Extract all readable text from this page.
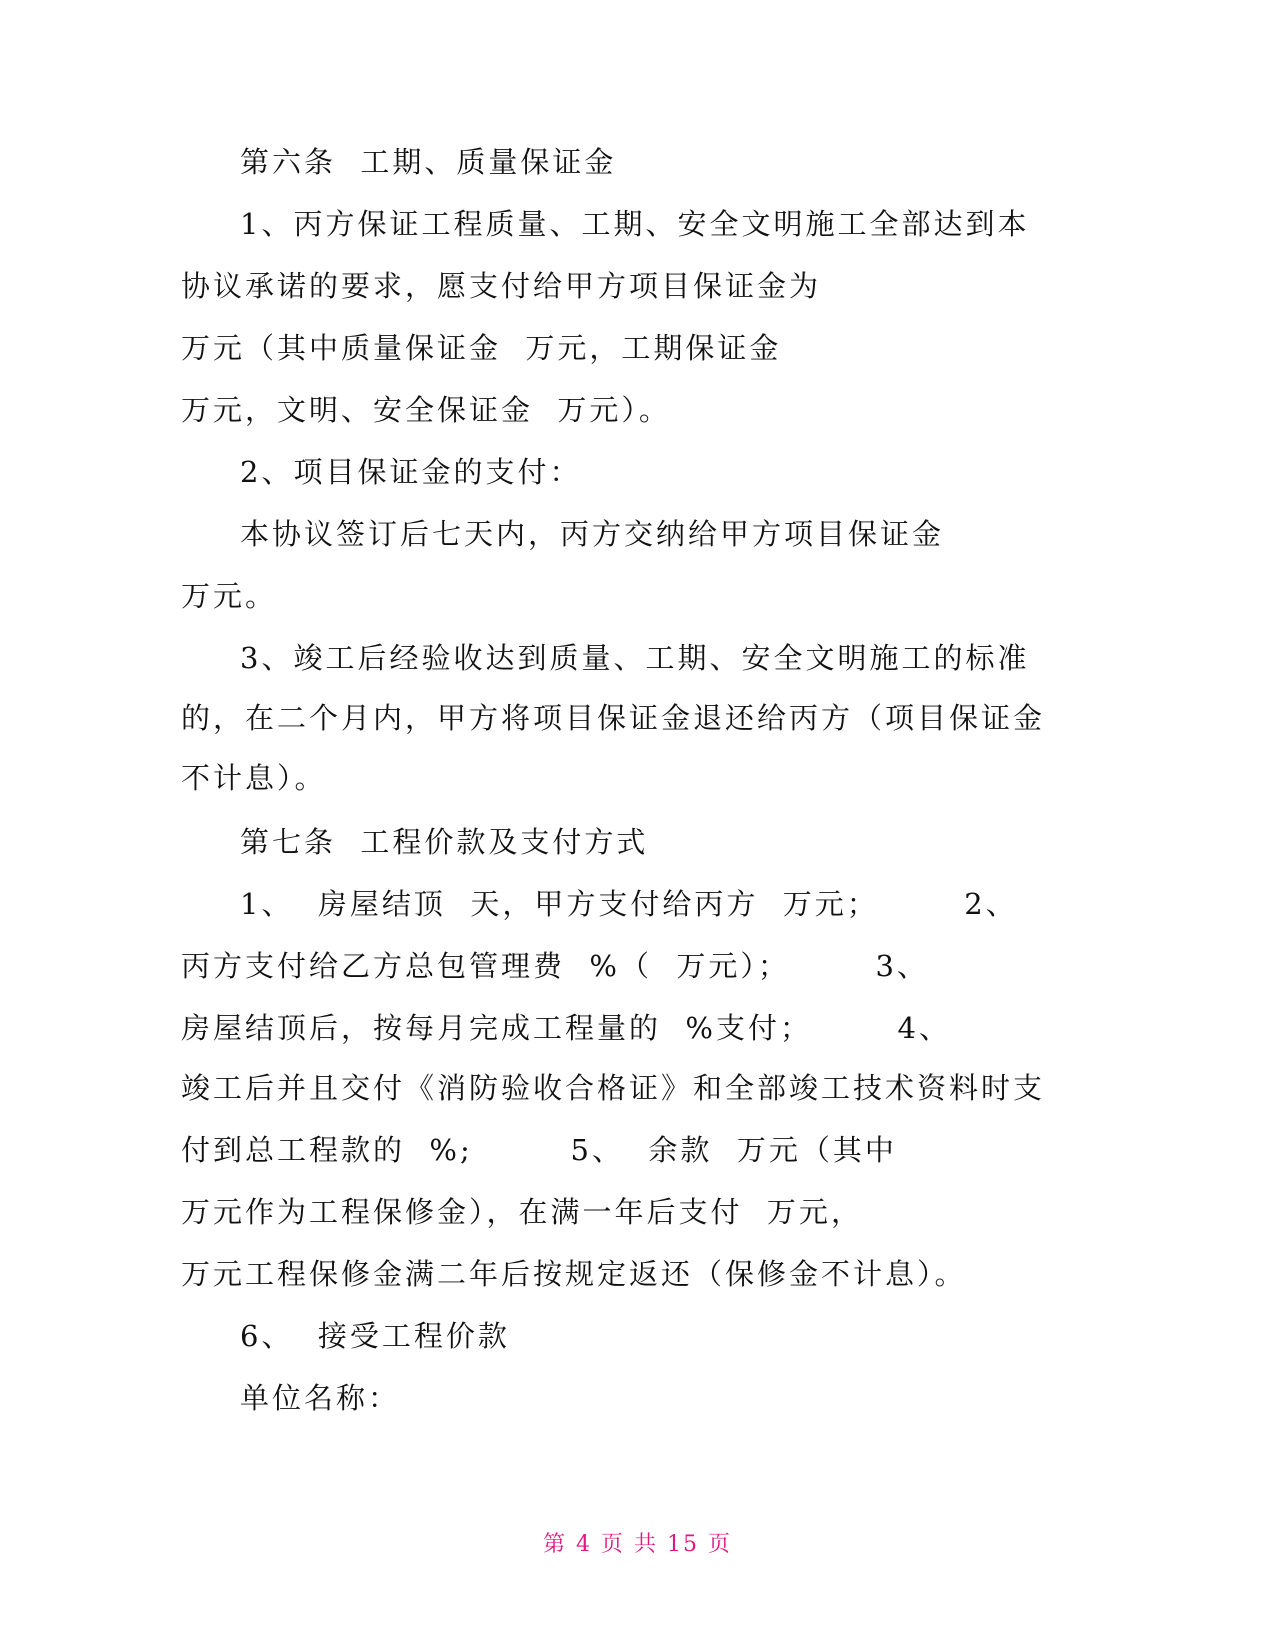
第六条  工期、质量保证金
1、丙方保证工程质量、工期、安全文明施工全部达到本
协议承诺的要求，愿支付给甲方项目保证金为
万元（其中质量保证金  万元，工期保证金
万元，文明、安全保证金  万元）。
2、项目保证金的支付：
本协议签订后七天内，丙方交纳给甲方项目保证金
万元。
3、竣工后经验收达到质量、工期、安全文明施工的标准
的，在二个月内，甲方将项目保证金退还给丙方（项目保证金
不计息）。
第七条  工程价款及支付方式
1、  房屋结顶  天，甲方支付给丙方  万元；       2、
丙方支付给乙方总包管理费  %（  万元）；       3、
房屋结顶后，按每月完成工程量的  %支付；       4、
竣工后并且交付《消防验收合格证》和全部竣工技术资料时支
付到总工程款的  %;        5、  余款  万元（其中
万元作为工程保修金），在满一年后支付  万元，
万元工程保修金满二年后按规定返还（保修金不计息）。
6、  接受工程价款
单位名称：
第 4 页 共 15 页
